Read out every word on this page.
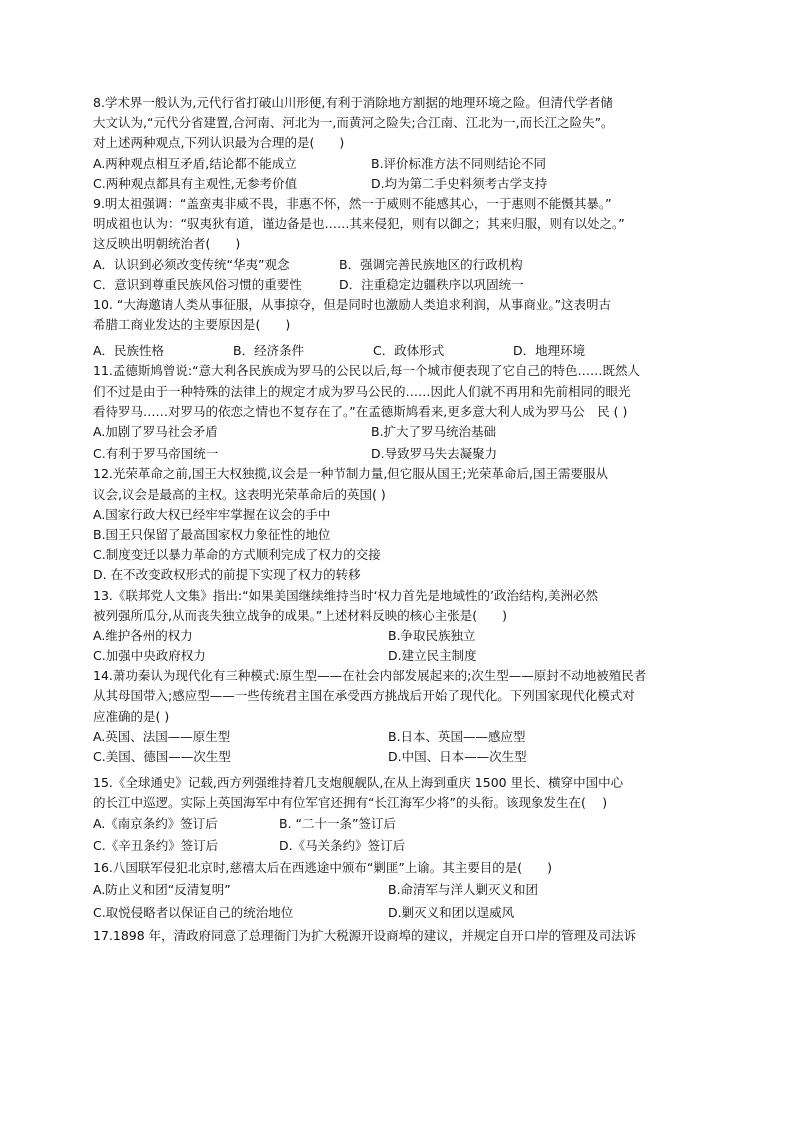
8.学术界一般认为,元代行省打破山川形便,有利于消除地方割据的地理环境之险。但清代学者储
大文认为,“元代分省建置,合河南、河北为一,而黄河之险失;合江南、江北为一,而长江之险失”。
对上述两种观点,下列认识最为合理的是(　　)
A.两种观点相互矛盾,结论都不能成立	B.评价标准方法不同则结论不同
C.两种观点都具有主观性,无参考价值	D.均为第二手史料须考古学支持
9.明太祖强调：“盖蛮夷非威不畏，非惠不怀，然一于威则不能感其心，一于惠则不能慑其暴。”
明成祖也认为：“驭夷狄有道，谨边备是也……其来侵犯，则有以御之；其来归服，则有以处之。”
这反映出明朝统治者(　　)
A．认识到必须改变传统“华夷”观念	B．强调完善民族地区的行政机构
C．意识到尊重民族风俗习惯的重要性	D．注重稳定边疆秩序以巩固统一
10. “大海邀请人类从事征服，从事掠夺，但是同时也激励人类追求利润，从事商业。”这表明古
希腊工商业发达的主要原因是(　　)
A．民族性格	B．经济条件	C．政体形式	D．地理环境
11.孟德斯鸠曾说:“意大利各民族成为罗马的公民以后,每一个城市便表现了它自己的特色……既然人
们不过是由于一种特殊的法律上的规定才成为罗马公民的……因此人们就不再用和先前相同的眼光
看待罗马……对罗马的依恋之情也不复存在了。”在孟德斯鸠看来,更多意大利人成为罗马公　民 ( )
A.加剧了罗马社会矛盾	B.扩大了罗马统治基础
C.有利于罗马帝国统一	D.导致罗马失去凝聚力
12.光荣革命之前,国王大权独揽,议会是一种节制力量,但它服从国王;光荣革命后,国王需要服从
议会,议会是最高的主权。这表明光荣革命后的英国( )
A.国家行政大权已经牢牢掌握在议会的手中
B.国王只保留了最高国家权力象征性的地位
C.制度变迁以暴力革命的方式顺利完成了权力的交接
D. 在不改变政权形式的前提下实现了权力的转移
13.《联邦党人文集》指出:“如果美国继续维持当时‘权力首先是地域性的’政治结构,美洲必然
被列强所瓜分,从而丧失独立战争的成果。”上述材料反映的核心主张是(　　)
A.维护各州的权力	B.争取民族独立
C.加强中央政府权力	D.建立民主制度
14.萧功秦认为现代化有三种模式:原生型——在社会内部发展起来的;次生型——原封不动地被殖民者
从其母国带入;感应型——一些传统君主国在承受西方挑战后开始了现代化。下列国家现代化模式对
应准确的是( )
A.英国、法国——原生型	B.日本、英国——感应型
C.美国、德国——次生型	D.中国、日本——次生型
15.《全球通史》记载,西方列强维持着几支炮舰舰队,在从上海到重庆 1500 里长、横穿中国中心
的长江中巡逻。实际上英国海军中有位军官还拥有“长江海军少将”的头衔。该现象发生在(　 )
A.《南京条约》签订后	B. “二十一条”签订后
C.《辛丑条约》签订后	D.《马关条约》签订后
16.八国联军侵犯北京时,慈禧太后在西逃途中颁布“剿匪”上谕。其主要目的是(　　)
A.防止义和团“反清复明”	B.命清军与洋人剿灭义和团
C.取悦侵略者以保证自己的统治地位	D.剿灭义和团以逞威风
17.1898 年，清政府同意了总理衙门为扩大税源开设商埠的建议，并规定自开口岸的管理及司法诉
